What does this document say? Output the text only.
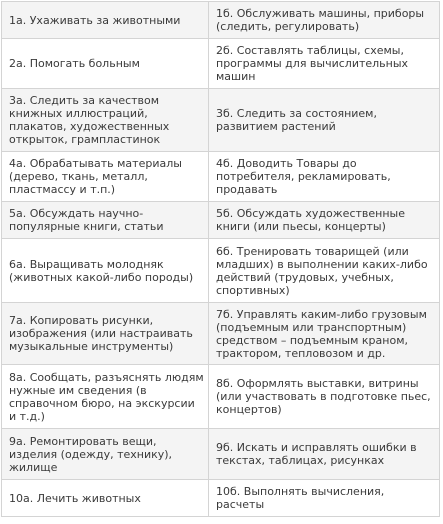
1а. Ухаживать за животными	1б. Обслуживать машины, приборы (следить, регулировать)
2а. Помогать больным	2б. Составлять таблицы, схемы, программы для вычислительных машин
3а. Следить за качеством книжных иллюстраций, плакатов, художественных открыток, грампластинок	3б. Следить за состоянием, развитием растений
4а. Обрабатывать материалы (дерево, ткань, металл, пластмассу и т.п.)	4б. Доводить Товары до потребителя, рекламировать, продавать
5а. Обсуждать научно-популярные книги, статьи	5б. Обсуждать художественные книги (или пьесы, концерты)
6а. Выращивать молодняк (животных какой-либо породы)	6б. Тренировать товарищей (или младших) в выполнении каких-либо действий (трудовых, учебных, спортивных)
7а. Копировать рисунки, изображения (или настраивать музыкальные инструменты)	7б. Управлять каким-либо грузовым (подъемным или транспортным) средством – подъемным краном, трактором, тепловозом и др.
8а. Сообщать, разъяснять людям нужные им сведения (в справочном бюро, на экскурсии и т.д.)	8б. Оформлять выставки, витрины (или участвовать в подготовке пьес, концертов)
9а. Ремонтировать вещи, изделия (одежду, технику), жилище	9б. Искать и исправлять ошибки в текстах, таблицах, рисунках
10а. Лечить животных	10б. Выполнять вычисления, расчеты
